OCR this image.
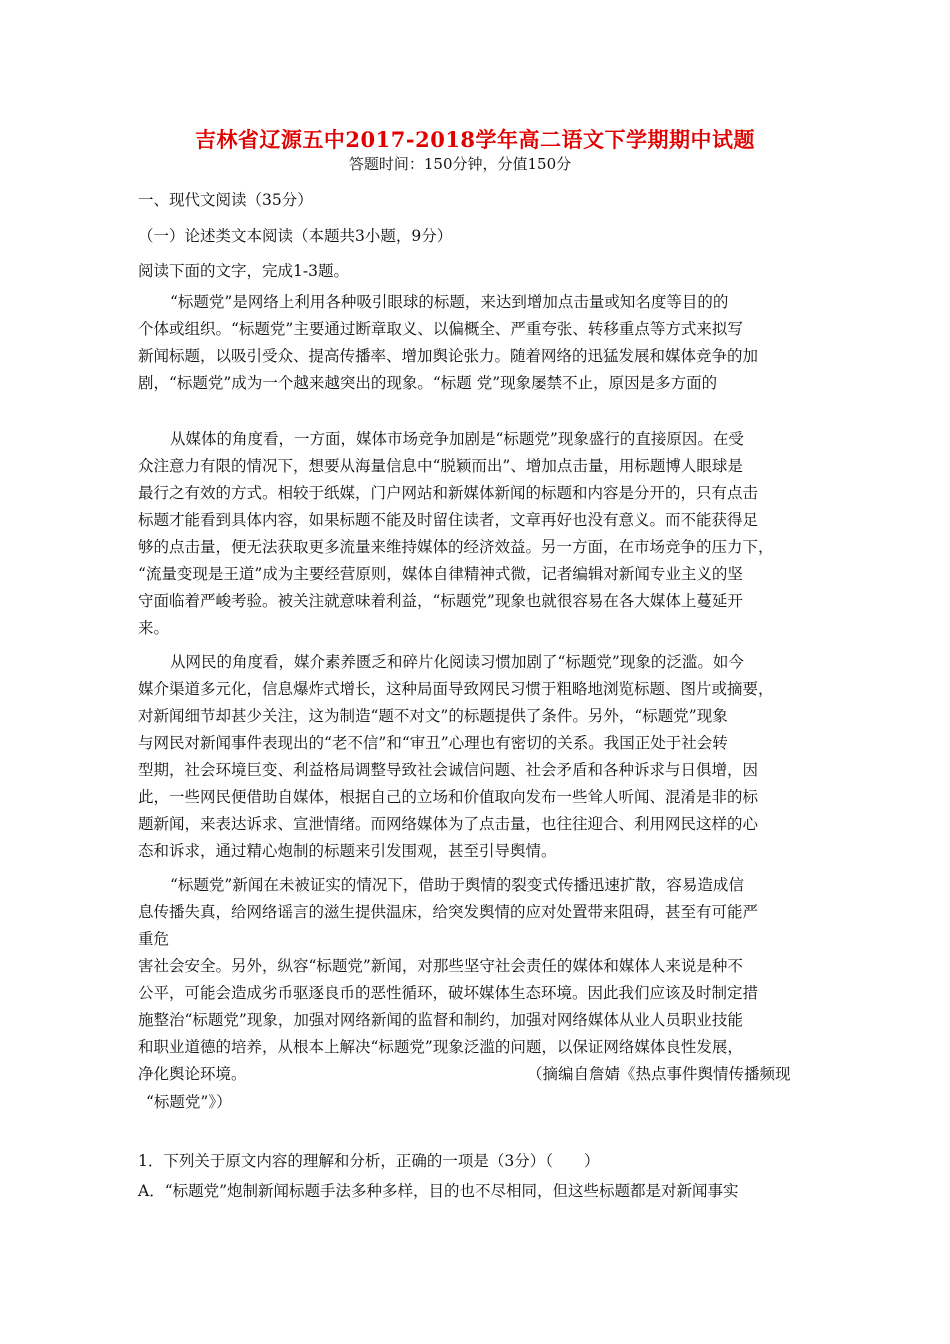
吉林省辽源五中2017-2018学年高二语文下学期期中试题
答题时间：150分钟，分值150分
一、现代文阅读（35分）
（一）论述类文本阅读（本题共3小题，9分）
阅读下面的文字，完成1-3题。
“标题党”是网络上利用各种吸引眼球的标题，来达到增加点击量或知名度等目的的
个体或组织。“标题党”主要通过断章取义、以偏概全、严重夸张、转移重点等方式来拟写
新闻标题，以吸引受众、提高传播率、增加舆论张力。随着网络的迅猛发展和媒体竞争的加
剧，“标题党”成为一个越来越突出的现象。“标题 党”现象屡禁不止，原因是多方面的
从媒体的角度看，一方面，媒体市场竞争加剧是“标题党”现象盛行的直接原因。在受
众注意力有限的情况下，想要从海量信息中“脱颖而出”、增加点击量，用标题博人眼球是
最行之有效的方式。相较于纸媒，门户网站和新媒体新闻的标题和内容是分开的，只有点击
标题才能看到具体内容，如果标题不能及时留住读者，文章再好也没有意义。而不能获得足
够的点击量，便无法获取更多流量来维持媒体的经济效益。另一方面，在市场竞争的压力下，
“流量变现是王道”成为主要经营原则，媒体自律精神式微，记者编辑对新闻专业主义的坚
守面临着严峻考验。被关注就意味着利益，“标题党”现象也就很容易在各大媒体上蔓延开
来。
从网民的角度看，媒介素养匮乏和碎片化阅读习惯加剧了“标题党”现象的泛滥。如今
媒介渠道多元化，信息爆炸式增长，这种局面导致网民习惯于粗略地浏览标题、图片或摘要，
对新闻细节却甚少关注，这为制造“题不对文”的标题提供了条件。另外，“标题党”现象
与网民对新闻事件表现出的“老不信”和“审丑”心理也有密切的关系。我国正处于社会转
型期，社会环境巨变、利益格局调整导致社会诚信问题、社会矛盾和各种诉求与日俱增，因
此，一些网民便借助自媒体，根据自己的立场和价值取向发布一些耸人听闻、混淆是非的标
题新闻，来表达诉求、宣泄情绪。而网络媒体为了点击量，也往往迎合、利用网民这样的心
态和诉求，通过精心炮制的标题来引发围观，甚至引导舆情。
“标题党”新闻在未被证实的情况下，借助于舆情的裂变式传播迅速扩散，容易造成信
息传播失真，给网络谣言的滋生提供温床，给突发舆情的应对处置带来阻碍，甚至有可能严
重危
害社会安全。另外，纵容“标题党”新闻，对那些坚守社会责任的媒体和媒体人来说是种不
公平，可能会造成劣币驱逐良币的恶性循环，破坏媒体生态环境。因此我们应该及时制定措
施整治“标题党”现象，加强对网络新闻的监督和制约，加强对网络媒体从业人员职业技能
和职业道德的培养，从根本上解决“标题党”现象泛滥的问题，以保证网络媒体良性发展，
净化舆论环境。	（摘编自詹婧《热点事件舆情传播频现
“标题党”》）
1．下列关于原文内容的理解和分析，正确的一项是（3分）（　　）
A．“标题党”炮制新闻标题手法多种多样，目的也不尽相同，但这些标题都是对新闻事实
